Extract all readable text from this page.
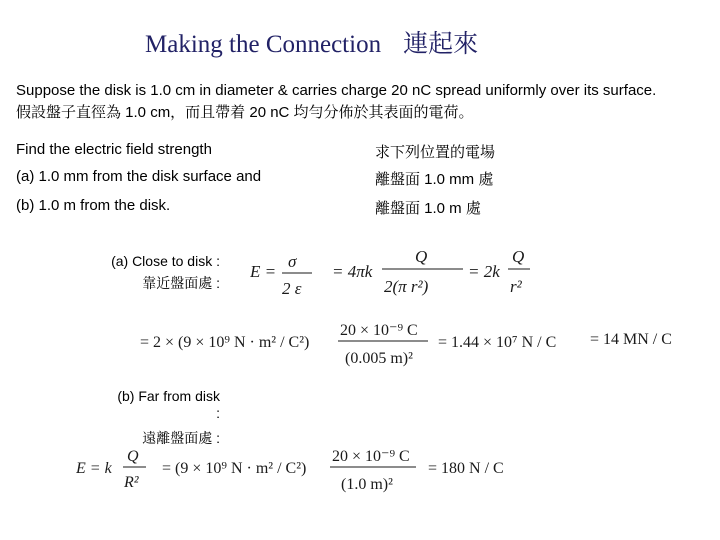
Making the Connection 連起來
Suppose the disk is 1.0 cm in diameter & carries charge 20 nC spread uniformly over its surface.
假設盤子直徑為 1.0 cm，而且帶着 20 nC 均勻分佈於其表面的電荷。
Find the electric field strength	求下列位置的電場
(a) 1.0 mm from the disk surface and	離盤面 1.0 mm 處
(b) 1.0 m from the disk.	離盤面 1.0 m 處
(a) Close to disk :
靠近盤面處 :
E =
σ
2 ε
= 4πk
Q
2(π r²)
= 2k
Q
r²
= 2 × (9 × 10⁹ N · m² / C²)
20 × 10⁻⁹ C
(0.005 m)²
= 1.44 × 10⁷ N / C = 14 MN / C
(b) Far from disk
:
遠離盤面處 :
E = k
Q
R²
= (9 × 10⁹ N · m² / C²)
20 × 10⁻⁹ C
(1.0 m)²
= 180 N / C
